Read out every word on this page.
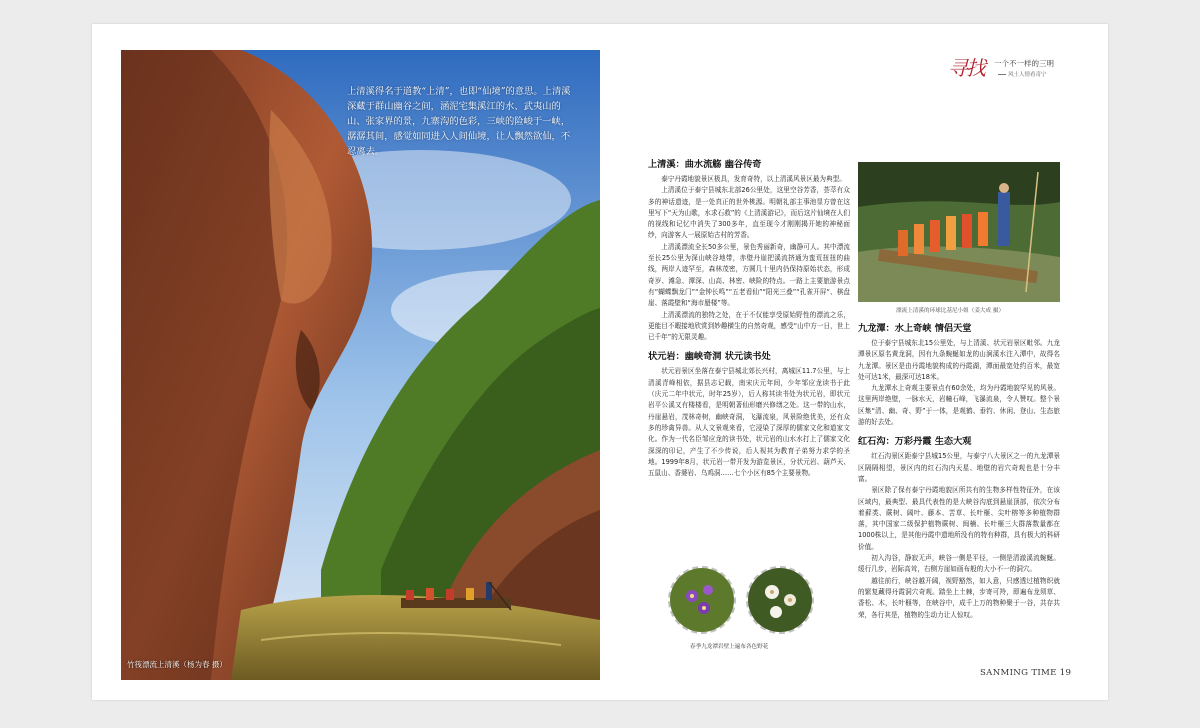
上清溪得名于道教“上清”，也即“仙境”的意思。上清溪深藏于群山幽谷之间，涵泥宅集溪江的水、武夷山的山、张家界的景，九寨沟的色彩，三峡的险峻于一峡，潺潺其间，感觉如同进入人间仙境，让人飘然欲仙，不忍离去。
竹筏漂流上清溪（杨为春 摄）
寻找 一个不一样的三明
风土人情看奇宁
上清溪：曲水流觞 幽谷传奇

泰宁丹霞地貌景区极具，发育奇特，以上清溪风景区最为典型。

上清溪位于泰宁县城东北部26公里处，这里空谷芳香，荟萃有众多的神话遗迹，是一处真正的世外桃源。明朝礼部主事池显方曾在这里写下“天为山歌，水求石救”的《上清溪游记》，而后这片仙境在人们的视线和记忆中消失了300多年，直至现今才刚刚揭开她的神秘面纱，向游客人一展原始古村的芳香。

上清溪漂流全长50多公里，景色秀丽新奇，幽静可人。其中漂流至长25公里为深山峡谷地带，赤壁丹崖把溪流挤通为蛮荒扭扭的曲线，两岸人迹罕至，森林茂密，方圆几十里内仍保持原始状态，形成奇岁、滩急、潭深、山高、林密、峡险的特点。一路上主要旅游景点有“蝴蝶飘龙门”“金钟长鸣”“五老看仙”“阳光三叠”“孔雀开屏“、棋盘崖、落霞壁和“海市蜃楼”等。

上清溪漂流的独特之处，在于不仅能享受原始野性的漂流之乐，更能目不暇接地欣赏到妙趣横生的自然奇观，感受“山中方一日，世上已千年”的无限灵趣。

状元岩：幽峡奇洞 状元读书处

状元岩景区坐落在泰宁县城北郊长兴村，离城区11.7公里，与上清溪青峰相依，据县志记载，南宋庆元年间，少年邹应龙读书于此（庆元二年中状元，时年25岁），后人称其读书处为状元岩，即状元岩平公溪又有楼楼看，是明朝著仙形磨兴修缮之处。这一带的山水，丹崖悬岩，茂林奇树，幽峡奇洞，飞瀑流泉，风景险绝优美，还有众多的珍禽异兽。从人文景观来看，它浸染了深厚的儒家文化和道家文化。作为一代名臣邹应龙的读书处，状元岩的山水水打上了儒家文化深深的印记，产生了不少传说，后人视其为教育子弟努力求学的圣地。1999年8月，状元岩一带开发为游览景区，分状元岩、葫芦天、五鼠山、香婆岩、乌鸡洞……七个小区有85个主要景物。

漂流上清溪的环球比基尼小姐（姜大成 摄）
九龙潭：水上奇峡 情侣天堂

位于泰宁县城东北15公里处，与上清溪、状元岩景区毗邻。九龙潭景区原名黄龙洞，因有九条蜿蜒如龙的山涧溪水注入潭中，故得名九龙潭。景区是由丹霞地貌构成的丹霞湖，潭面最宽处约百米，最宽处可达1米，最深可达18米。

九龙潭水上奇观主要景点有60余处，均为丹霞地貌罕见的风景。这里两岸绝壁，一脉水天，岩幢石峰，飞瀑流泉，令人赞叹。整个景区集“清、幽、奇、野”于一体，是观鹤、垂钓、休闲、登山、生态旅游的好去处。

红石沟：万彩丹霞 生态大观

红石沟景区距泰宁县城15公里，与泰宁八大景区之一的九龙潭景区隔隔相望，景区内的红石沟内天星、地壁的岩穴奇观也是十分丰富。

景区除了保有泰宁丹霞地貌区所共有的生物多样性特征外，在该区域内，最典型、最具代表性的是大峡谷沟底到悬崖顶部，依次分布着藓类、蕨树、阔叶、藤本、苦草、长叶榧、尖叶榕等多种植物群落，其中国家二级保护植物蕨树、闽楠、长叶榧三大群落数量都在1000株以上，是其他丹霞中遗地所没有的特有种群，具有极大的科研价值。

初入沟谷，静寂无声，峡谷一侧是平径，一侧是清澈溪流蜿蜒。缓行几步，岩际高耸，右侧方崖如画布般的大小不一的洞穴。

越往前行，峡谷越开阔，视野豁然，如人意，只感透过植物织就的繁复藏得丹霞洞穴奇观。踏坐上土棘，步寄可羚，即遍布龙须草、香松、木，长叶榧等，在峡谷中，成千上万的物种聚于一谷，共存共荣，各行其是，植物的生动力让人惊叹。

春季九龙潭岩壁上遍布各色野花
SANMING TIME 19
